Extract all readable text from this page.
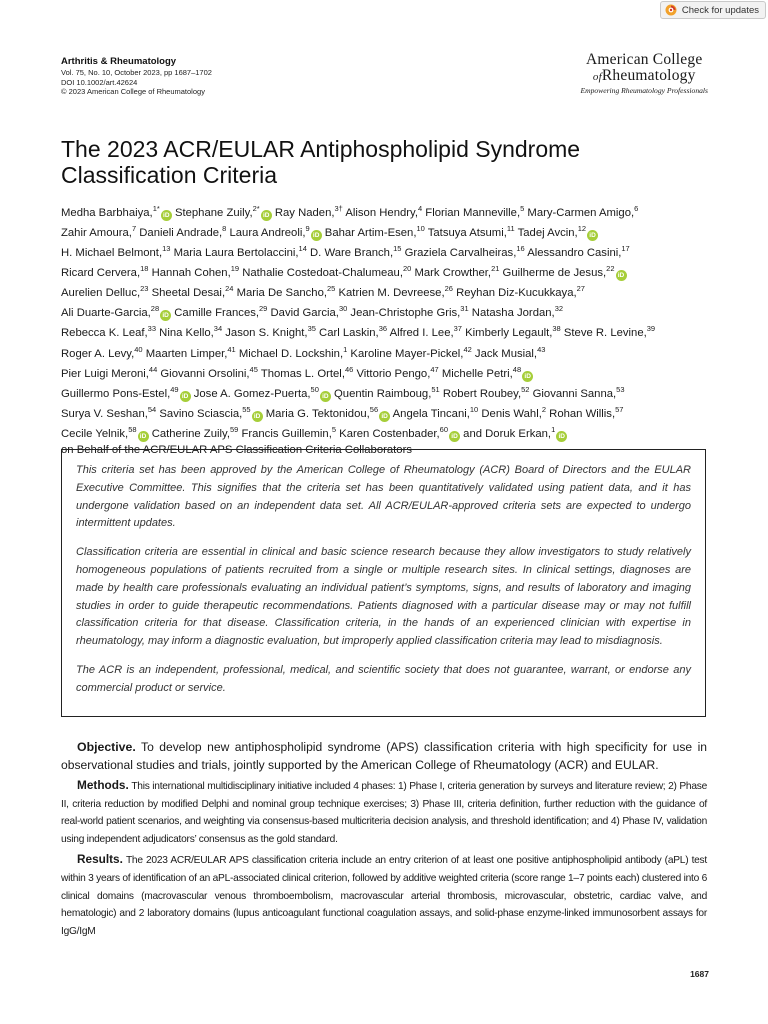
Check for updates
Arthritis & Rheumatology
Vol. 75, No. 10, October 2023, pp 1687–1702
DOI 10.1002/art.42624
© 2023 American College of Rheumatology
American College
ofRheumatology
Empowering Rheumatology Professionals
The 2023 ACR/EULAR Antiphospholipid Syndrome Classification Criteria
Medha Barbhaiya,$^{1*}$iD Stephane Zuily,$^{2*}$iD Ray Naden,$^{3\dagger}$ Alison Hendry,$^4$ Florian Manneville,$^5$ Mary-Carmen Amigo,$^6$
Zahir Amoura,$^7$ Danieli Andrade,$^8$ Laura Andreoli,$^9$iD Bahar Artim-Esen,$^{10}$ Tatsuya Atsumi,$^{11}$ Tadej Avcin,$^{12}$iD
H. Michael Belmont,$^{13}$ Maria Laura Bertolaccini,$^{14}$ D. Ware Branch,$^{15}$ Graziela Carvalheiras,$^{16}$ Alessandro Casini,$^{17}$
Ricard Cervera,$^{18}$ Hannah Cohen,$^{19}$ Nathalie Costedoat-Chalumeau,$^{20}$ Mark Crowther,$^{21}$ Guilherme de Jesus,$^{22}$iD
Aurelien Delluc,$^{23}$ Sheetal Desai,$^{24}$ Maria De Sancho,$^{25}$ Katrien M. Devreese,$^{26}$ Reyhan Diz-Kucukkaya,$^{27}$
Ali Duarte-Garcia,$^{28}$iD Camille Frances,$^{29}$ David Garcia,$^{30}$ Jean-Christophe Gris,$^{31}$ Natasha Jordan,$^{32}$
Rebecca K. Leaf,$^{33}$ Nina Kello,$^{34}$ Jason S. Knight,$^{35}$ Carl Laskin,$^{36}$ Alfred I. Lee,$^{37}$ Kimberly Legault,$^{38}$ Steve R. Levine,$^{39}$
Roger A. Levy,$^{40}$ Maarten Limper,$^{41}$ Michael D. Lockshin,$^1$ Karoline Mayer-Pickel,$^{42}$ Jack Musial,$^{43}$
Pier Luigi Meroni,$^{44}$ Giovanni Orsolini,$^{45}$ Thomas L. Ortel,$^{46}$ Vittorio Pengo,$^{47}$ Michelle Petri,$^{48}$iD
Guillermo Pons-Estel,$^{49}$iD Jose A. Gomez-Puerta,$^{50}$iD Quentin Raimboug,$^{51}$ Robert Roubey,$^{52}$ Giovanni Sanna,$^{53}$
Surya V. Seshan,$^{54}$ Savino Sciascia,$^{55}$iD Maria G. Tektonidou,$^{56}$iD Angela Tincani,$^{10}$ Denis Wahl,$^2$ Rohan Willis,$^{57}$
Cecile Yelnik,$^{58}$iD Catherine Zuily,$^{59}$ Francis Guillemin,$^5$ Karen Costenbader,$^{60}$iD and Doruk Erkan,$^1$iD
on Behalf of the ACR/EULAR APS Classification Criteria Collaborators

This criteria set has been approved by the American College of Rheumatology (ACR) Board of Directors and the EULAR Executive Committee. This signifies that the criteria set has been quantitatively validated using patient data, and it has undergone validation based on an independent data set. All ACR/EULAR-approved criteria sets are expected to undergo intermittent updates.

Classification criteria are essential in clinical and basic science research because they allow investigators to study relatively homogeneous populations of patients recruited from a single or multiple research sites. In clinical settings, diagnoses are made by health care professionals evaluating an individual patient’s symptoms, signs, and results of laboratory and imaging studies in order to guide therapeutic recommendations. Patients diagnosed with a particular disease may or may not fulfill classification criteria for that disease. Classification criteria, in the hands of an experienced clinician with expertise in rheumatology, may inform a diagnostic evaluation, but improperly applied classification criteria may lead to misdiagnosis.

The ACR is an independent, professional, medical, and scientific society that does not guarantee, warrant, or endorse any commercial product or service.

Objective. To develop new antiphospholipid syndrome (APS) classification criteria with high specificity for use in observational studies and trials, jointly supported by the American College of Rheumatology (ACR) and EULAR.

Methods. This international multidisciplinary initiative included 4 phases: 1) Phase I, criteria generation by surveys and literature review; 2) Phase II, criteria reduction by modified Delphi and nominal group technique exercises; 3) Phase III, criteria definition, further reduction with the guidance of real-world patient scenarios, and weighting via consensus-based multicriteria decision analysis, and threshold identification; and 4) Phase IV, validation using independent adjudicators’ consensus as the gold standard.

Results. The 2023 ACR/EULAR APS classification criteria include an entry criterion of at least one positive antiphospholipid antibody (aPL) test within 3 years of identification of an aPL-associated clinical criterion, followed by additive weighted criteria (score range 1–7 points each) clustered into 6 clinical domains (macrovascular venous thromboembolism, macrovascular arterial thrombosis, microvascular, obstetric, cardiac valve, and hematologic) and 2 laboratory domains (lupus anticoagulant functional coagulation assays, and solid-phase enzyme-linked immunosorbent assays for IgG/IgM

1687
